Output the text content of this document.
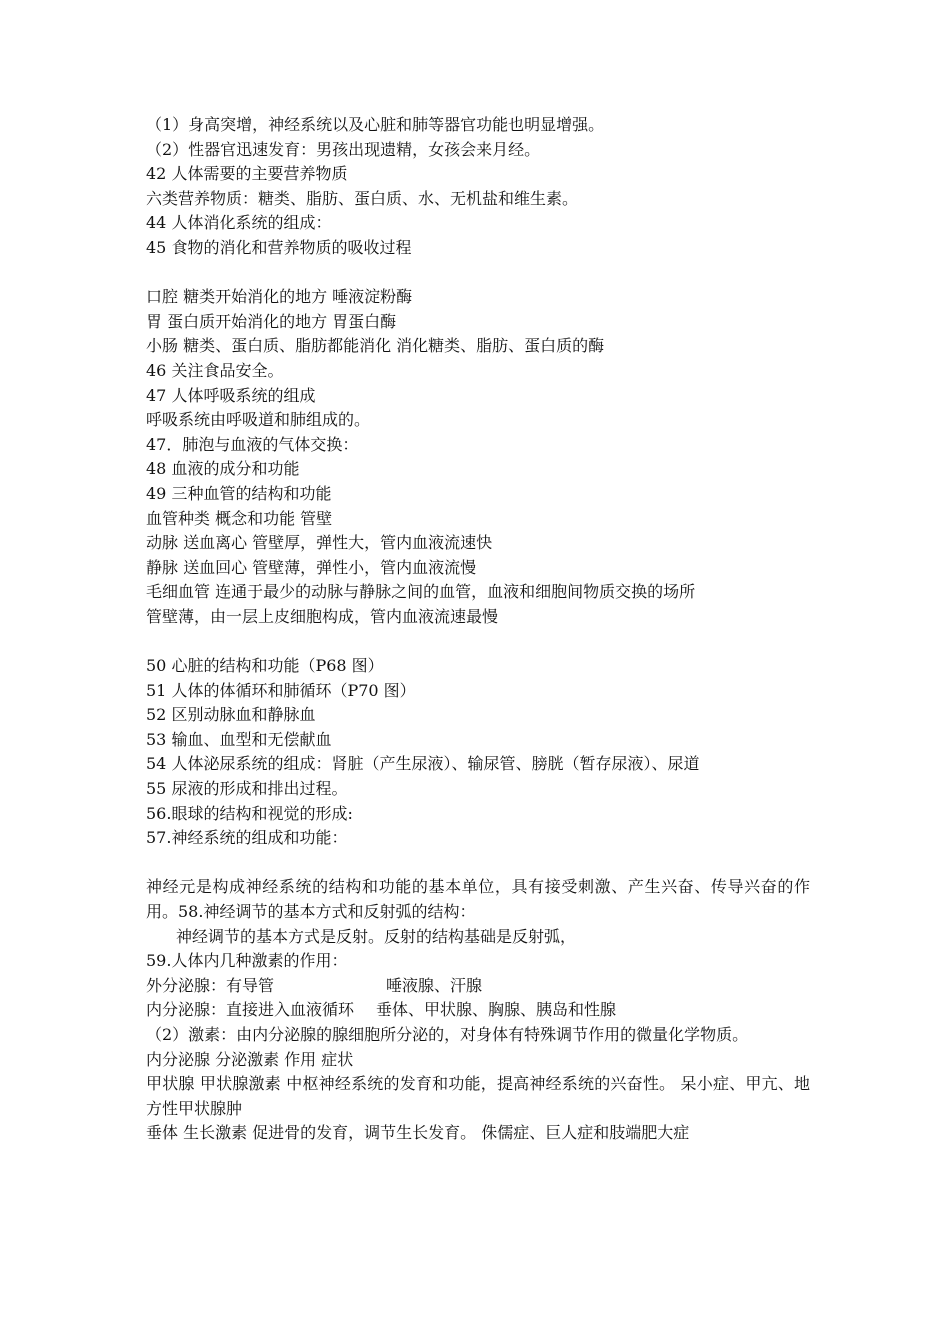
（1）身高突增，神经系统以及心脏和肺等器官功能也明显增强。
（2）性器官迅速发育：男孩出现遗精，女孩会来月经。
42 人体需要的主要营养物质
六类营养物质：糖类、脂肪、蛋白质、水、无机盐和维生素。
44 人体消化系统的组成：
45 食物的消化和营养物质的吸收过程
口腔 糖类开始消化的地方 唾液淀粉酶
胃 蛋白质开始消化的地方 胃蛋白酶
小肠 糖类、蛋白质、脂肪都能消化 消化糖类、脂肪、蛋白质的酶
46 关注食品安全。
47 人体呼吸系统的组成
呼吸系统由呼吸道和肺组成的。
47．肺泡与血液的气体交换：
48 血液的成分和功能
49 三种血管的结构和功能
血管种类 概念和功能 管壁
动脉 送血离心 管壁厚，弹性大，管内血液流速快
静脉 送血回心 管壁薄，弹性小，管内血液流慢
毛细血管 连通于最少的动脉与静脉之间的血管，血液和细胞间物质交换的场所
管壁薄，由一层上皮细胞构成，管内血液流速最慢
50 心脏的结构和功能（P68 图）
51 人体的体循环和肺循环（P70 图）
52 区别动脉血和静脉血
53 输血、血型和无偿献血
54 人体泌尿系统的组成：肾脏（产生尿液）、输尿管、膀胱（暂存尿液）、尿道
55 尿液的形成和排出过程。
56.眼球的结构和视觉的形成:
57.神经系统的组成和功能：
神经元是构成神经系统的结构和功能的基本单位，具有接受刺激、产生兴奋、传导兴奋的作用。58.神经调节的基本方式和反射弧的结构：
神经调节的基本方式是反射。反射的结构基础是反射弧，
59.人体内几种激素的作用：
外分泌腺：有导管	唾液腺、汗腺
内分泌腺：直接进入血液循环 垂体、甲状腺、胸腺、胰岛和性腺
（2）激素：由内分泌腺的腺细胞所分泌的，对身体有特殊调节作用的微量化学物质。
内分泌腺 分泌激素 作用 症状
甲状腺 甲状腺激素 中枢神经系统的发育和功能，提高神经系统的兴奋性。 呆小症、甲亢、地方性甲状腺肿
垂体 生长激素 促进骨的发育，调节生长发育。 侏儒症、巨人症和肢端肥大症
